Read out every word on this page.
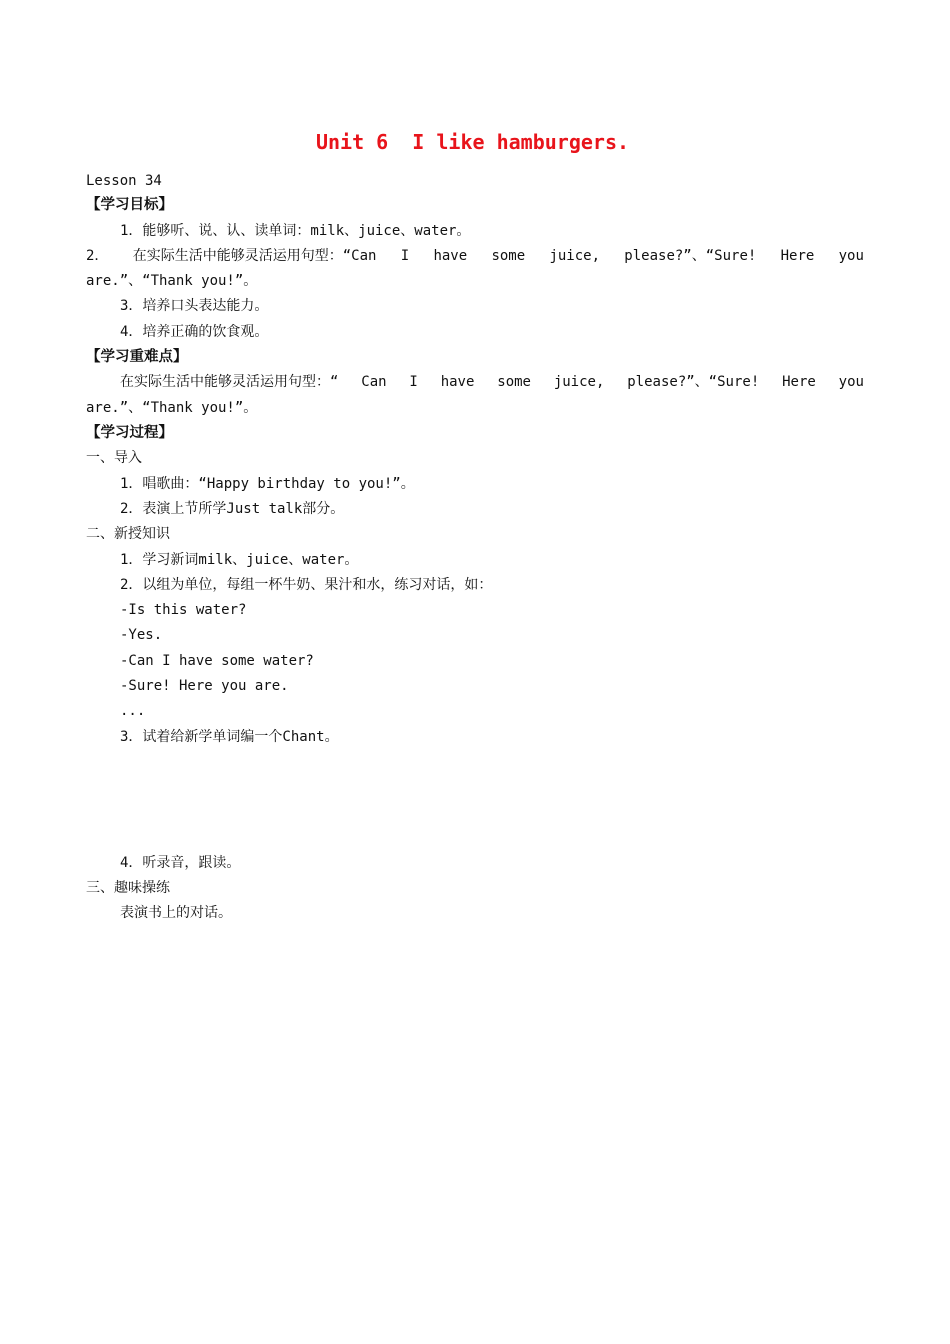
Unit 6  I like hamburgers.
Lesson 34
【学习目标】
1．能够听、说、认、读单词：milk、juice、water。
2． 在实际生活中能够灵活运用句型：“Can I have some juice, please?”、“Sure! Here you
are.”、“Thank you!”。
3．培养口头表达能力。
4．培养正确的饮食观。
【学习重难点】
在实际生活中能够灵活运用句型：“ Can I have some juice, please?”、“Sure! Here you
are.”、“Thank you!”。
【学习过程】
一、导入
1．唱歌曲：“Happy birthday to you!”。
2．表演上节所学Just talk部分。
二、新授知识
1．学习新词milk、juice、water。
2．以组为单位，每组一杯牛奶、果汁和水，练习对话，如：
-Is this water?
-Yes.
-Can I have some water?
-Sure! Here you are.
...
3．试着给新学单词编一个Chant。
4．听录音，跟读。
三、趣味操练
表演书上的对话。
